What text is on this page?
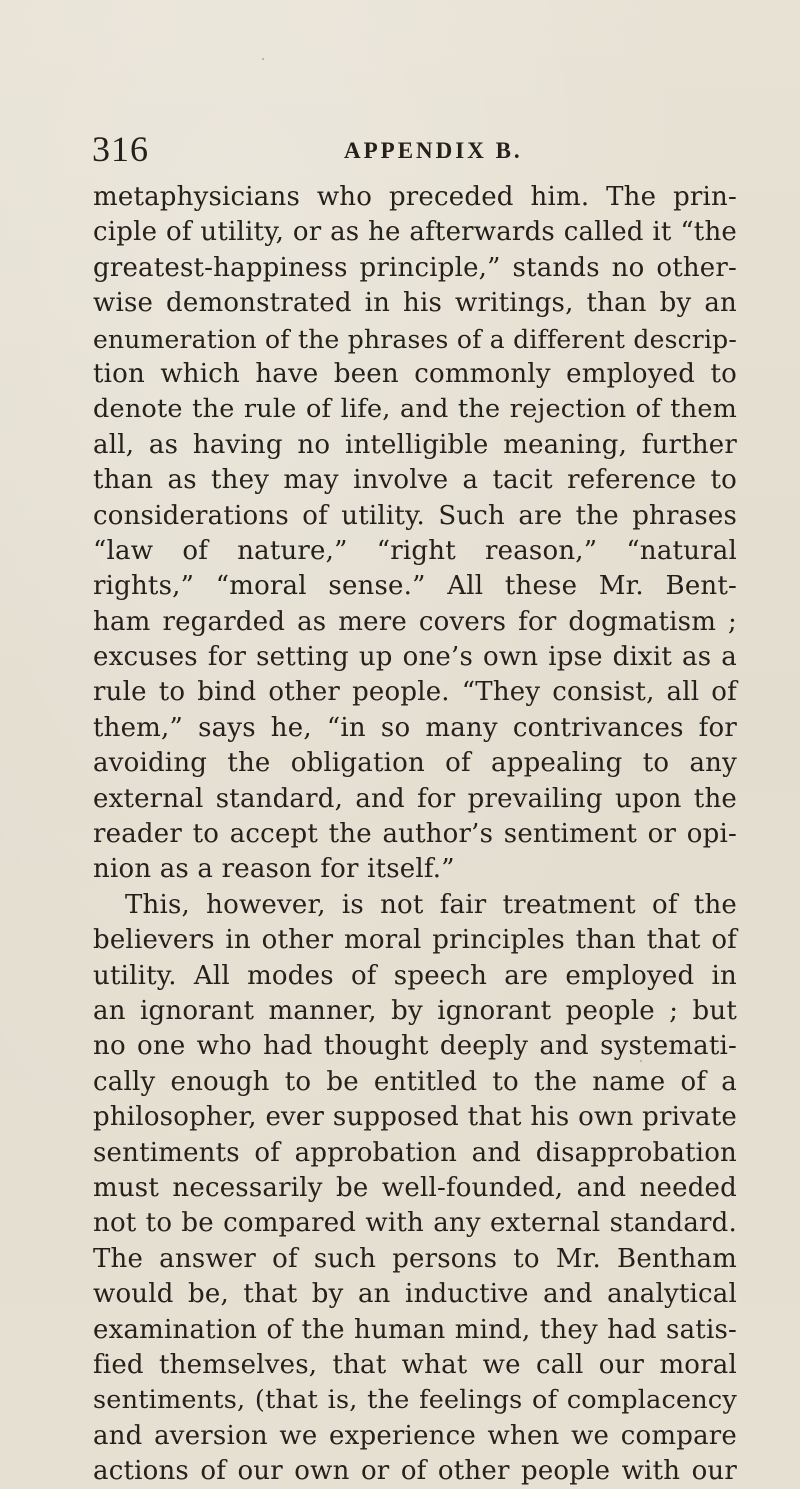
316	APPENDIX B.
metaphysicians who preceded him. The prin-
ciple of utility, or as he afterwards called it “the
greatest-happiness principle,” stands no other-
wise demonstrated in his writings, than by an
enumeration of the phrases of a different descrip-
tion which have been commonly employed to
denote the rule of life, and the rejection of them
all, as having no intelligible meaning, further
than as they may involve a tacit reference to
considerations of utility. Such are the phrases
“law of nature,” “right reason,” “natural
rights,” “moral sense.” All these Mr. Bent-
ham regarded as mere covers for dogmatism ;
excuses for setting up one’s own ipse dixit as a
rule to bind other people. “They consist, all of
them,” says he, “in so many contrivances for
avoiding the obligation of appealing to any
external standard, and for prevailing upon the
reader to accept the author’s sentiment or opi-
nion as a reason for itself.”
This, however, is not fair treatment of the
believers in other moral principles than that of
utility. All modes of speech are employed in
an ignorant manner, by ignorant people ; but
no one who had thought deeply and systemati-
cally enough to be entitled to the name of a
philosopher, ever supposed that his own private
sentiments of approbation and disapprobation
must necessarily be well-founded, and needed
not to be compared with any external standard.
The answer of such persons to Mr. Bentham
would be, that by an inductive and analytical
examination of the human mind, they had satis-
fied themselves, that what we call our moral
sentiments, (that is, the feelings of complacency
and aversion we experience when we compare
actions of our own or of other people with our
